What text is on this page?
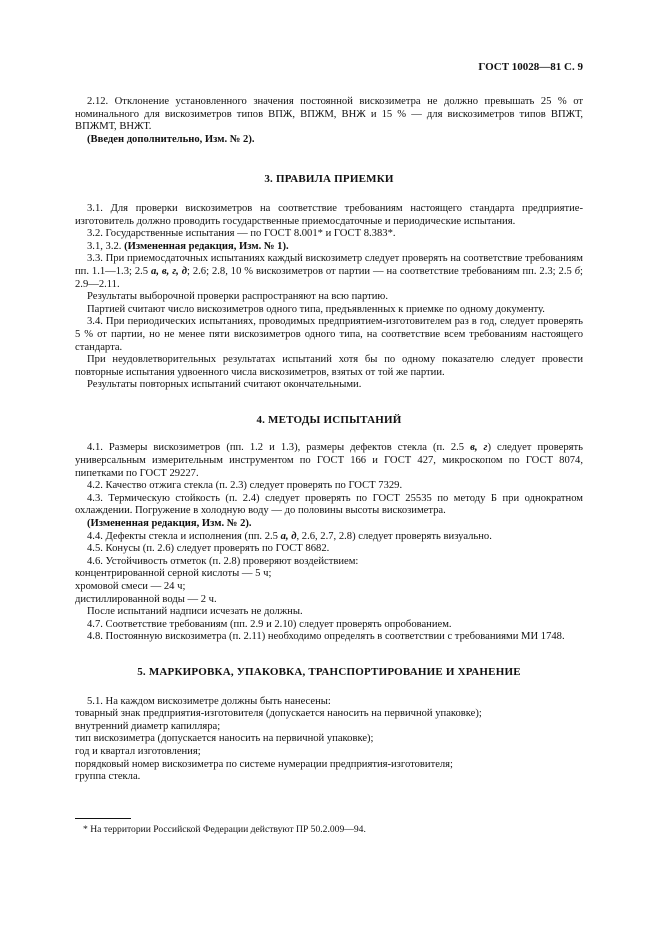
ГОСТ 10028—81 С. 9

2.12. Отклонение установленного значения постоянной вискозиметра не должно превышать 25 % от номинального для вискозиметров типов ВПЖ, ВПЖМ, ВНЖ и 15 % — для вискозиметров типов ВПЖТ, ВПЖМТ, ВНЖТ.

(Введен дополнительно, Изм. № 2).

3. ПРАВИЛА ПРИЕМКИ

3.1. Для проверки вискозиметров на соответствие требованиям настоящего стандарта предприятие-изготовитель должно проводить государственные приемосдаточные и периодические испытания.

3.2. Государственные испытания — по ГОСТ 8.001* и ГОСТ 8.383*.

3.1, 3.2. (Измененная редакция, Изм. № 1).

3.3. При приемосдаточных испытаниях каждый вискозиметр следует проверять на соответствие требованиям пп. 1.1—1.3; 2.5 а, в, г, д; 2.6; 2.8, 10 % вискозиметров от партии — на соответствие требованиям пп. 2.3; 2.5 б; 2.9—2.11.

Результаты выборочной проверки распространяют на всю партию.

Партией считают число вискозиметров одного типа, предъявленных к приемке по одному документу.

3.4. При периодических испытаниях, проводимых предприятием-изготовителем раз в год, следует проверять 5 % от партии, но не менее пяти вискозиметров одного типа, на соответствие всем требованиям настоящего стандарта.

При неудовлетворительных результатах испытаний хотя бы по одному показателю следует провести повторные испытания удвоенного числа вискозиметров, взятых от той же партии.

Результаты повторных испытаний считают окончательными.

4. МЕТОДЫ ИСПЫТАНИЙ

4.1. Размеры вискозиметров (пп. 1.2 и 1.3), размеры дефектов стекла (п. 2.5 в, г) следует проверять универсальным измерительным инструментом по ГОСТ 166 и ГОСТ 427, микроскопом по ГОСТ 8074, пипетками по ГОСТ 29227.

4.2. Качество отжига стекла (п. 2.3) следует проверять по ГОСТ 7329.

4.3. Термическую стойкость (п. 2.4) следует проверять по ГОСТ 25535 по методу Б при однократном охлаждении. Погружение в холодную воду — до половины высоты вискозиметра.

(Измененная редакция, Изм. № 2).

4.4. Дефекты стекла и исполнения (пп. 2.5 а, д, 2.6, 2.7, 2.8) следует проверять визуально.

4.5. Конусы (п. 2.6) следует проверять по ГОСТ 8682.

4.6. Устойчивость отметок (п. 2.8) проверяют воздействием:

концентрированной серной кислоты — 5 ч;

хромовой смеси — 24 ч;

дистиллированной воды — 2 ч.

После испытаний надписи исчезать не должны.

4.7. Соответствие требованиям (пп. 2.9 и 2.10) следует проверять опробованием.

4.8. Постоянную вискозиметра (п. 2.11) необходимо определять в соответствии с требованиями МИ 1748.

5. МАРКИРОВКА, УПАКОВКА, ТРАНСПОРТИРОВАНИЕ И ХРАНЕНИЕ

5.1. На каждом вискозиметре должны быть нанесены:

товарный знак предприятия-изготовителя (допускается наносить на первичной упаковке);

внутренний диаметр капилляра;

тип вискозиметра (допускается наносить на первичной упаковке);

год и квартал изготовления;

порядковый номер вискозиметра по системе нумерации предприятия-изготовителя;

группа стекла.

* На территории Российской Федерации действуют ПР 50.2.009—94.
